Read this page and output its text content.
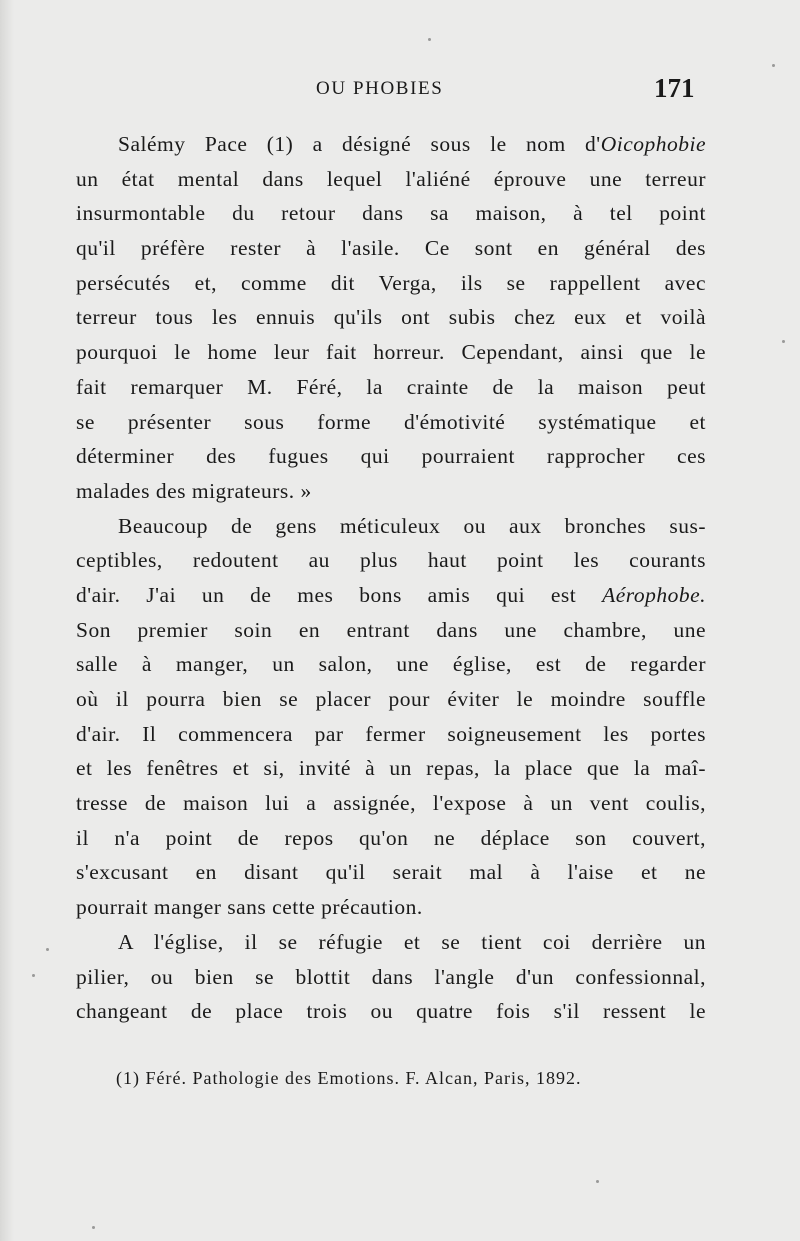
OU PHOBIES	171
Salémy Pace (1) a désigné sous le nom d'Oicophobie
un état mental dans lequel l'aliéné éprouve une terreur
insurmontable du retour dans sa maison, à tel point
qu'il préfère rester à l'asile. Ce sont en général des
persécutés et, comme dit Verga, ils se rappellent avec
terreur tous les ennuis qu'ils ont subis chez eux et voilà
pourquoi le home leur fait horreur. Cependant, ainsi que le
fait remarquer M. Féré, la crainte de la maison peut
se présenter sous forme d'émotivité systématique et
déterminer des fugues qui pourraient rapprocher ces
malades des migrateurs. »
Beaucoup de gens méticuleux ou aux bronches sus-
ceptibles, redoutent au plus haut point les courants
d'air. J'ai un de mes bons amis qui est Aérophobe.
Son premier soin en entrant dans une chambre, une
salle à manger, un salon, une église, est de regarder
où il pourra bien se placer pour éviter le moindre souffle
d'air. Il commencera par fermer soigneusement les portes
et les fenêtres et si, invité à un repas, la place que la maî-
tresse de maison lui a assignée, l'expose à un vent coulis,
il n'a point de repos qu'on ne déplace son couvert,
s'excusant en disant qu'il serait mal à l'aise et ne
pourrait manger sans cette précaution.
A l'église, il se réfugie et se tient coi derrière un
pilier, ou bien se blottit dans l'angle d'un confessionnal,
changeant de place trois ou quatre fois s'il ressent le
(1) Féré. Pathologie des Emotions. F. Alcan, Paris, 1892.
